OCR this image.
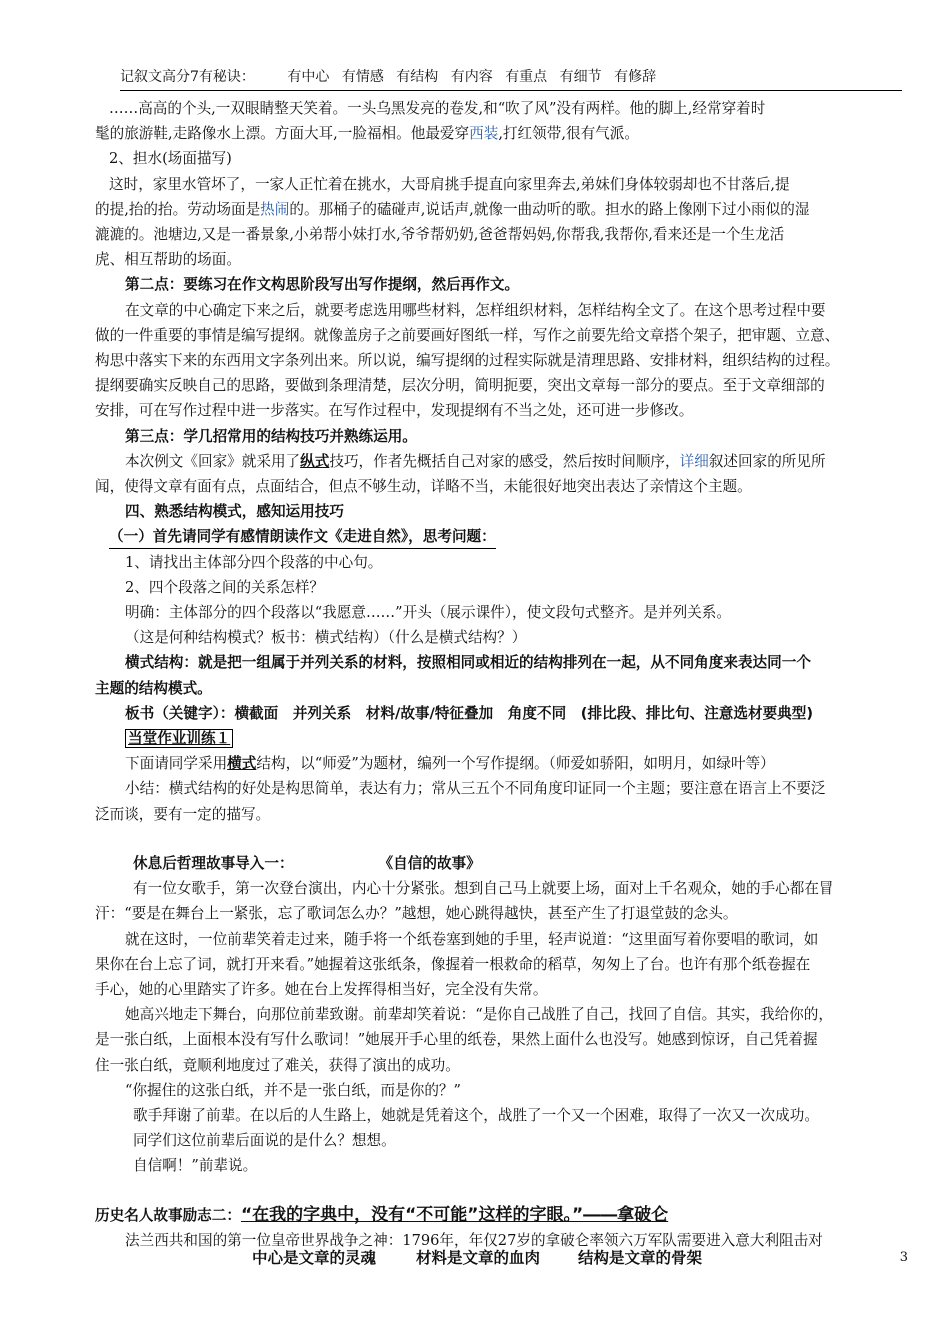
记叙文高分7有秘诀： 有中心 有情感 有结构 有内容 有重点 有细节 有修辞

……高高的个头,一双眼睛整天笑着。一头乌黑发亮的卷发,和“吹了风”没有两样。他的脚上,经常穿着时

髦的旅游鞋,走路像水上漂。方面大耳,一脸福相。他最爱穿西装,打红领带,很有气派。

2、担水(场面描写)

这时，家里水管坏了，一家人正忙着在挑水，大哥肩挑手提直向家里奔去,弟妹们身体较弱却也不甘落后,提

的提,抬的抬。劳动场面是热闹的。那桶子的磕碰声,说话声,就像一曲动听的歌。担水的路上像刚下过小雨似的湿

漉漉的。池塘边,又是一番景象,小弟帮小妹打水,爷爷帮奶奶,爸爸帮妈妈,你帮我,我帮你,看来还是一个生龙活

虎、相互帮助的场面。

第二点：要练习在作文构思阶段写出写作提纲，然后再作文。

在文章的中心确定下来之后，就要考虑选用哪些材料，怎样组织材料，怎样结构全文了。在这个思考过程中要

做的一件重要的事情是编写提纲。就像盖房子之前要画好图纸一样，写作之前要先给文章搭个架子，把审题、立意、

构思中落实下来的东西用文字条列出来。所以说，编写提纲的过程实际就是清理思路、安排材料，组织结构的过程。

提纲要确实反映自己的思路，要做到条理清楚，层次分明，简明扼要，突出文章每一部分的要点。至于文章细部的

安排，可在写作过程中进一步落实。在写作过程中，发现提纲有不当之处，还可进一步修改。

第三点：学几招常用的结构技巧并熟练运用。

本次例文《回家》就采用了纵式技巧，作者先概括自己对家的感受，然后按时间顺序，详细叙述回家的所见所

闻，使得文章有面有点，点面结合，但点不够生动，详略不当，未能很好地突出表达了亲情这个主题。

四、熟悉结构模式，感知运用技巧

（一）首先请同学有感情朗读作文《走进自然》，思考问题：

1、请找出主体部分四个段落的中心句。

2、四个段落之间的关系怎样？

明确：主体部分的四个段落以“我愿意……”开头（展示课件），使文段句式整齐。是并列关系。

（这是何种结构模式？板书：横式结构）（什么是横式结构？）

横式结构：就是把一组属于并列关系的材料，按照相同或相近的结构排列在一起，从不同角度来表达同一个

主题的结构模式。

板书（关键字）：横截面　并列关系　材料/故事/特征叠加　角度不同　(排比段、排比句、注意选材要典型)

当堂作业训练１

下面请同学采用横式结构，以“师爱”为题材，编列一个写作提纲。（师爱如骄阳，如明月，如绿叶等）

小结：横式结构的好处是构思简单，表达有力；常从三五个不同角度印证同一个主题；要注意在语言上不要泛

泛而谈，要有一定的描写。

休息后哲理故事导入一：	《自信的故事》

有一位女歌手，第一次登台演出，内心十分紧张。想到自己马上就要上场，面对上千名观众，她的手心都在冒

汗：“要是在舞台上一紧张，忘了歌词怎么办？”越想，她心跳得越快，甚至产生了打退堂鼓的念头。

就在这时，一位前辈笑着走过来，随手将一个纸卷塞到她的手里，轻声说道：“这里面写着你要唱的歌词，如

果你在台上忘了词，就打开来看。”她握着这张纸条，像握着一根救命的稻草，匆匆上了台。也许有那个纸卷握在

手心，她的心里踏实了许多。她在台上发挥得相当好，完全没有失常。

她高兴地走下舞台，向那位前辈致谢。前辈却笑着说：“是你自己战胜了自己，找回了自信。其实，我给你的，

是一张白纸，上面根本没有写什么歌词！”她展开手心里的纸卷，果然上面什么也没写。她感到惊讶，自己凭着握

住一张白纸，竟顺利地度过了难关，获得了演出的成功。

“你握住的这张白纸，并不是一张白纸，而是你的？”

歌手拜谢了前辈。在以后的人生路上，她就是凭着这个，战胜了一个又一个困难，取得了一次又一次成功。

同学们这位前辈后面说的是什么？想想。

自信啊！”前辈说。

历史名人故事励志二：“在我的字典中，没有“不可能”这样的字眼。”――拿破仑

法兰西共和国的第一位皇帝世界战争之神：1796年，年仅27岁的拿破仑率领六万军队需要进入意大利阻击对

中心是文章的灵魂	材料是文章的血肉 结构是文章的骨架	3
